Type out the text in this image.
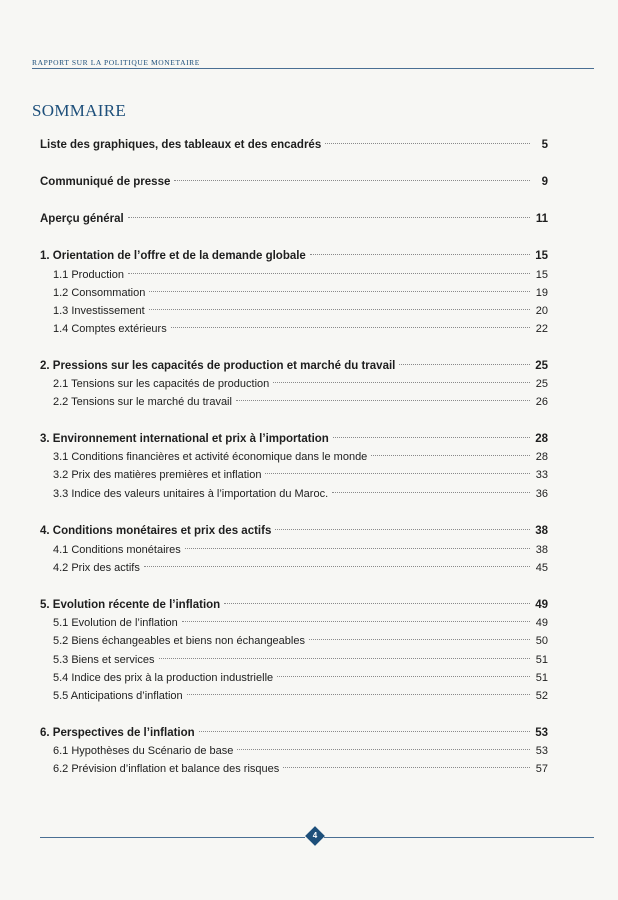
RAPPORT SUR LA POLITIQUE MONETAIRE
SOMMAIRE
Liste des graphiques, des tableaux et des encadrés	5
Communiqué de presse	9
Aperçu général	11
1. Orientation de l’offre et de la demande globale	15
1.1 Production	15
1.2 Consommation	19
1.3 Investissement	20
1.4 Comptes extérieurs	22
2. Pressions sur les capacités de production et marché du travail	25
2.1 Tensions sur les capacités de production	25
2.2 Tensions sur le marché du travail	26
3. Environnement international et prix à l’importation	28
3.1 Conditions financières et activité économique dans le monde	28
3.2 Prix des matières premières et inflation	33
3.3 Indice des valeurs unitaires à l’importation du Maroc.	36
4. Conditions monétaires et prix des actifs	38
4.1 Conditions monétaires	38
4.2 Prix des actifs	45
5. Evolution récente de l’inflation	49
5.1 Evolution de l’inflation	49
5.2 Biens échangeables et biens non échangeables	50
5.3 Biens et services	51
5.4 Indice des prix à la production industrielle	51
5.5 Anticipations d’inflation	52
6. Perspectives de l’inflation	53
6.1 Hypothèses du Scénario de base	53
6.2 Prévision d’inflation et balance des risques	57
4
